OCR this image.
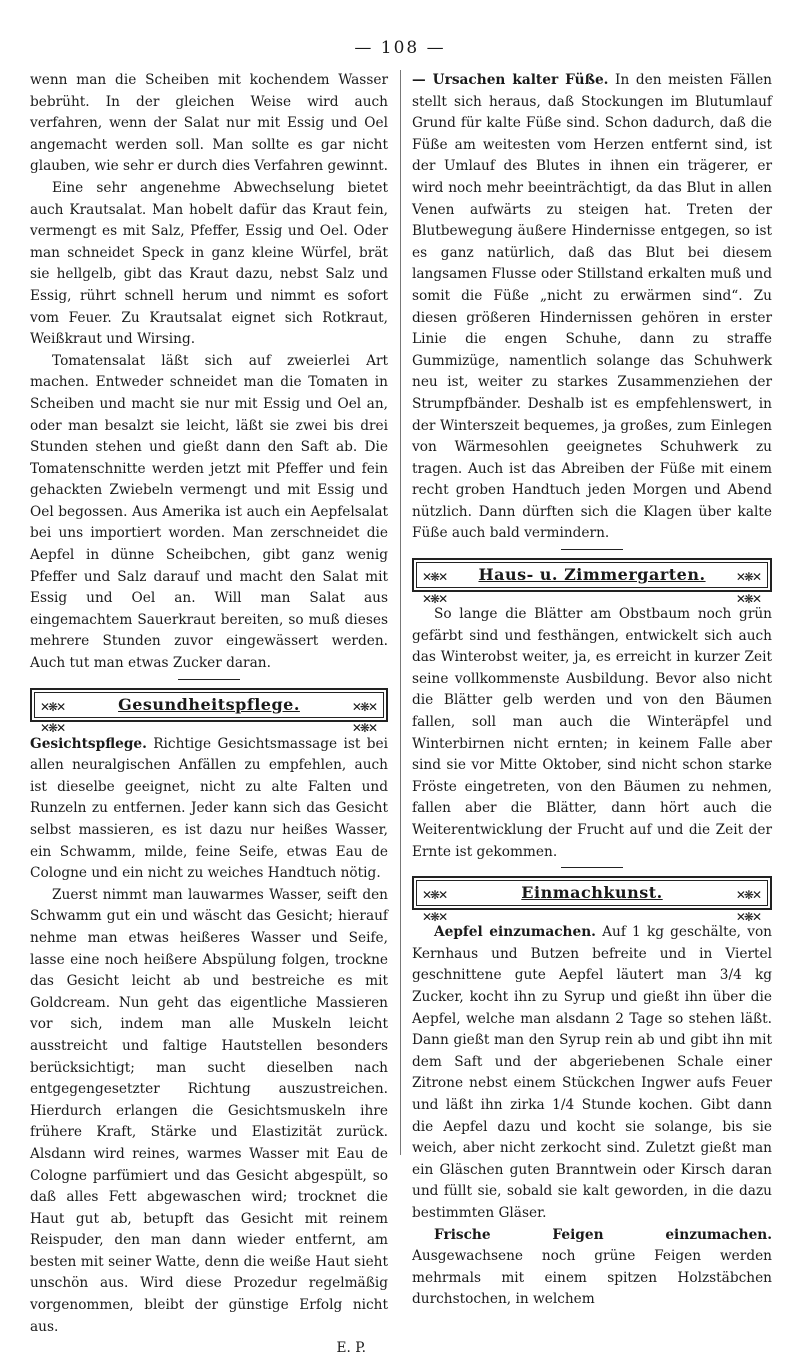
— 108 —

wenn man die Scheiben mit kochendem Wasser bebrüht. In der gleichen Weise wird auch verfahren, wenn der Salat nur mit Essig und Oel angemacht werden soll. Man sollte es gar nicht glauben, wie sehr er durch dies Verfahren gewinnt.

Eine sehr angenehme Abwechselung bietet auch Krautsalat. Man hobelt dafür das Kraut fein, vermengt es mit Salz, Pfeffer, Essig und Oel. Oder man schneidet Speck in ganz kleine Würfel, brät sie hellgelb, gibt das Kraut dazu, nebst Salz und Essig, rührt schnell herum und nimmt es sofort vom Feuer. Zu Krautsalat eignet sich Rotkraut, Weißkraut und Wirsing.

Tomatensalat läßt sich auf zweierlei Art machen. Entweder schneidet man die Tomaten in Scheiben und macht sie nur mit Essig und Oel an, oder man besalzt sie leicht, läßt sie zwei bis drei Stunden stehen und gießt dann den Saft ab. Die Tomatenschnitte werden jetzt mit Pfeffer und fein gehackten Zwiebeln vermengt und mit Essig und Oel begossen. Aus Amerika ist auch ein Aepfelsalat bei uns importiert worden. Man zerschneidet die Aepfel in dünne Scheibchen, gibt ganz wenig Pfeffer und Salz darauf und macht den Salat mit Essig und Oel an. Will man Salat aus eingemachtem Sauerkraut bereiten, so muß dieses mehrere Stunden zuvor eingewässert werden. Auch tut man etwas Zucker daran.

✕❋✕
✕❋✕
Gesundheitspflege.	✕❋✕
✕❋✕

Gesichtspflege. Richtige Gesichtsmassage ist bei allen neuralgischen Anfällen zu empfehlen, auch ist dieselbe geeignet, nicht zu alte Falten und Runzeln zu entfernen. Jeder kann sich das Gesicht selbst massieren, es ist dazu nur heißes Wasser, ein Schwamm, milde, feine Seife, etwas Eau de Cologne und ein nicht zu weiches Handtuch nötig.

Zuerst nimmt man lauwarmes Wasser, seift den Schwamm gut ein und wäscht das Gesicht; hierauf nehme man etwas heißeres Wasser und Seife, lasse eine noch heißere Abspülung folgen, trockne das Gesicht leicht ab und bestreiche es mit Goldcream. Nun geht das eigentliche Massieren vor sich, indem man alle Muskeln leicht ausstreicht und faltige Hautstellen besonders berücksichtigt; man sucht dieselben nach entgegengesetzter Richtung auszustreichen. Hierdurch erlangen die Gesichtsmuskeln ihre frühere Kraft, Stärke und Elastizität zurück. Alsdann wird reines, warmes Wasser mit Eau de Cologne parfümiert und das Gesicht abgespült, so daß alles Fett abgewaschen wird; trocknet die Haut gut ab, betupft das Gesicht mit reinem Reispuder, den man dann wieder entfernt, am besten mit seiner Watte, denn die weiße Haut sieht unschön aus. Wird diese Prozedur regelmäßig vorgenommen, bleibt der günstige Erfolg nicht aus.

E. P.

— Ursachen kalter Füße. In den meisten Fällen stellt sich heraus, daß Stockungen im Blutumlauf Grund für kalte Füße sind. Schon dadurch, daß die Füße am weitesten vom Herzen entfernt sind, ist der Umlauf des Blutes in ihnen ein trägerer, er wird noch mehr beeinträchtigt, da das Blut in allen Venen aufwärts zu steigen hat. Treten der Blutbewegung äußere Hindernisse entgegen, so ist es ganz natürlich, daß das Blut bei diesem langsamen Flusse oder Stillstand erkalten muß und somit die Füße „nicht zu erwärmen sind“. Zu diesen größeren Hindernissen gehören in erster Linie die engen Schuhe, dann zu straffe Gummizüge, namentlich solange das Schuhwerk neu ist, weiter zu starkes Zusammenziehen der Strumpfbänder. Deshalb ist es empfehlenswert, in der Winterszeit bequemes, ja großes, zum Einlegen von Wärmesohlen geeignetes Schuhwerk zu tragen. Auch ist das Abreiben der Füße mit einem recht groben Handtuch jeden Morgen und Abend nützlich. Dann dürften sich die Klagen über kalte Füße auch bald vermindern.

✕❋✕
✕❋✕
Haus- u. Zimmergarten.	✕❋✕
✕❋✕

So lange die Blätter am Obstbaum noch grün gefärbt sind und festhängen, entwickelt sich auch das Winterobst weiter, ja, es erreicht in kurzer Zeit seine vollkommenste Ausbildung. Bevor also nicht die Blätter gelb werden und von den Bäumen fallen, soll man auch die Winteräpfel und Winterbirnen nicht ernten; in keinem Falle aber sind sie vor Mitte Oktober, sind nicht schon starke Fröste eingetreten, von den Bäumen zu nehmen, fallen aber die Blätter, dann hört auch die Weiterentwicklung der Frucht auf und die Zeit der Ernte ist gekommen.

✕❋✕
✕❋✕
Einmachkunst.	✕❋✕
✕❋✕

Aepfel einzumachen. Auf 1 kg geschälte, von Kernhaus und Butzen befreite und in Viertel geschnittene gute Aepfel läutert man 3/4 kg Zucker, kocht ihn zu Syrup und gießt ihn über die Aepfel, welche man alsdann 2 Tage so stehen läßt. Dann gießt man den Syrup rein ab und gibt ihn mit dem Saft und der abgeriebenen Schale einer Zitrone nebst einem Stückchen Ingwer aufs Feuer und läßt ihn zirka 1/4 Stunde kochen. Gibt dann die Aepfel dazu und kocht sie solange, bis sie weich, aber nicht zerkocht sind. Zuletzt gießt man ein Gläschen guten Branntwein oder Kirsch daran und füllt sie, sobald sie kalt geworden, in die dazu bestimmten Gläser.

Frische Feigen einzumachen. Ausgewachsene noch grüne Feigen werden mehrmals mit einem spitzen Holzstäbchen durchstochen, in welchem
